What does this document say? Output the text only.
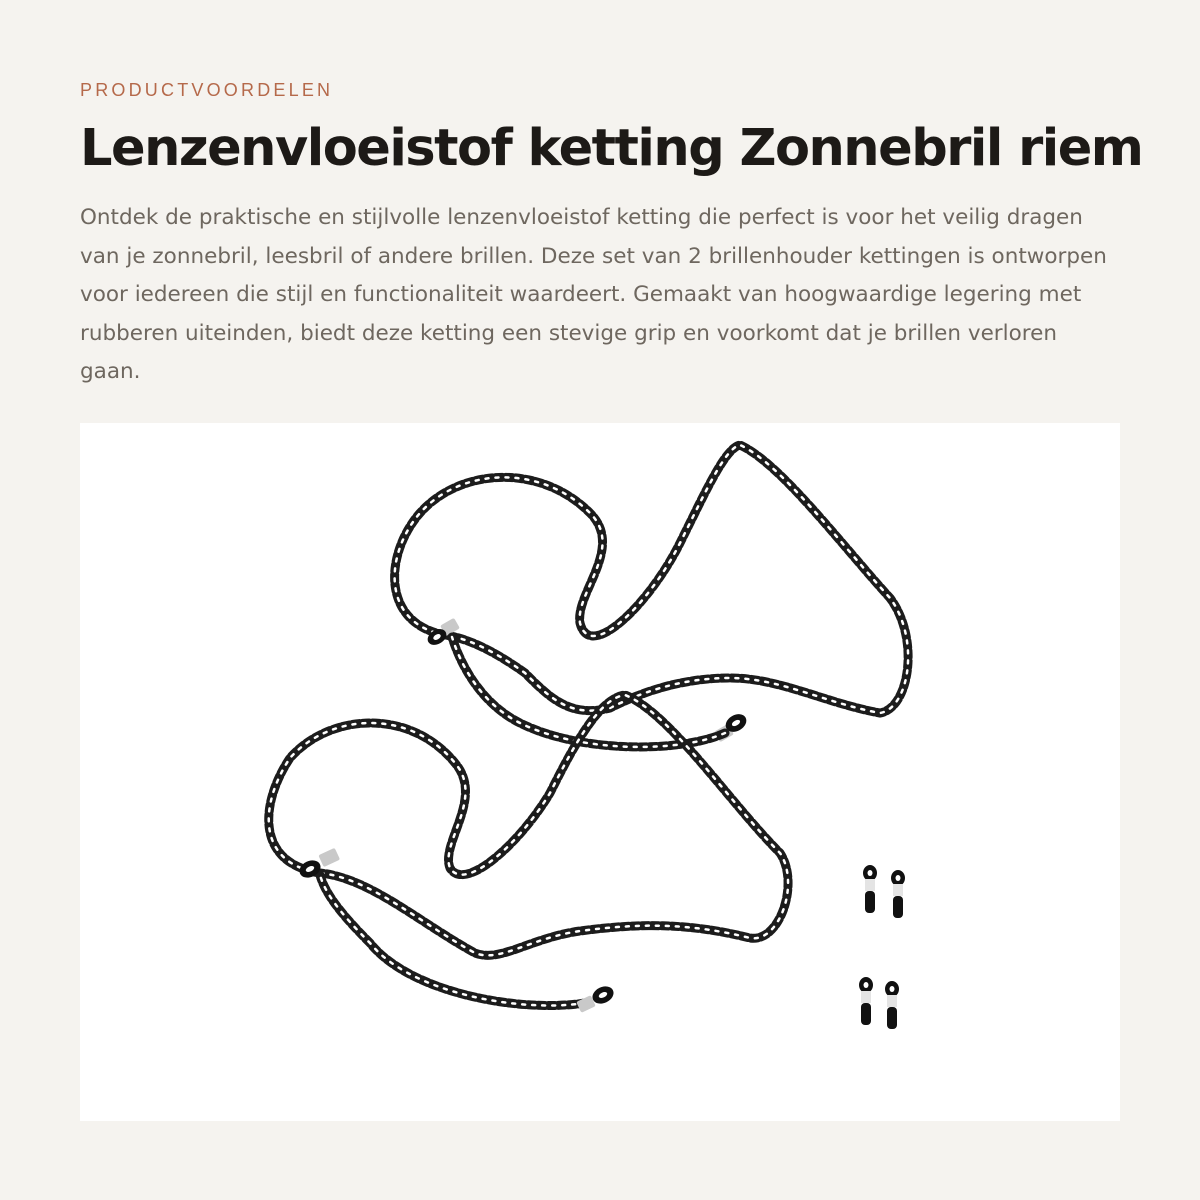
PRODUCTVOORDELEN
Lenzenvloeistof ketting Zonnebril riem

Ontdek de praktische en stijlvolle lenzenvloeistof ketting die perfect is voor het veilig dragen van je zonnebril, leesbril of andere brillen. Deze set van 2 brillenhouder kettingen is ontworpen voor iedereen die stijl en functionaliteit waardeert. Gemaakt van hoogwaardige legering met rubberen uiteinden, biedt deze ketting een stevige grip en voorkomt dat je brillen verloren gaan.
